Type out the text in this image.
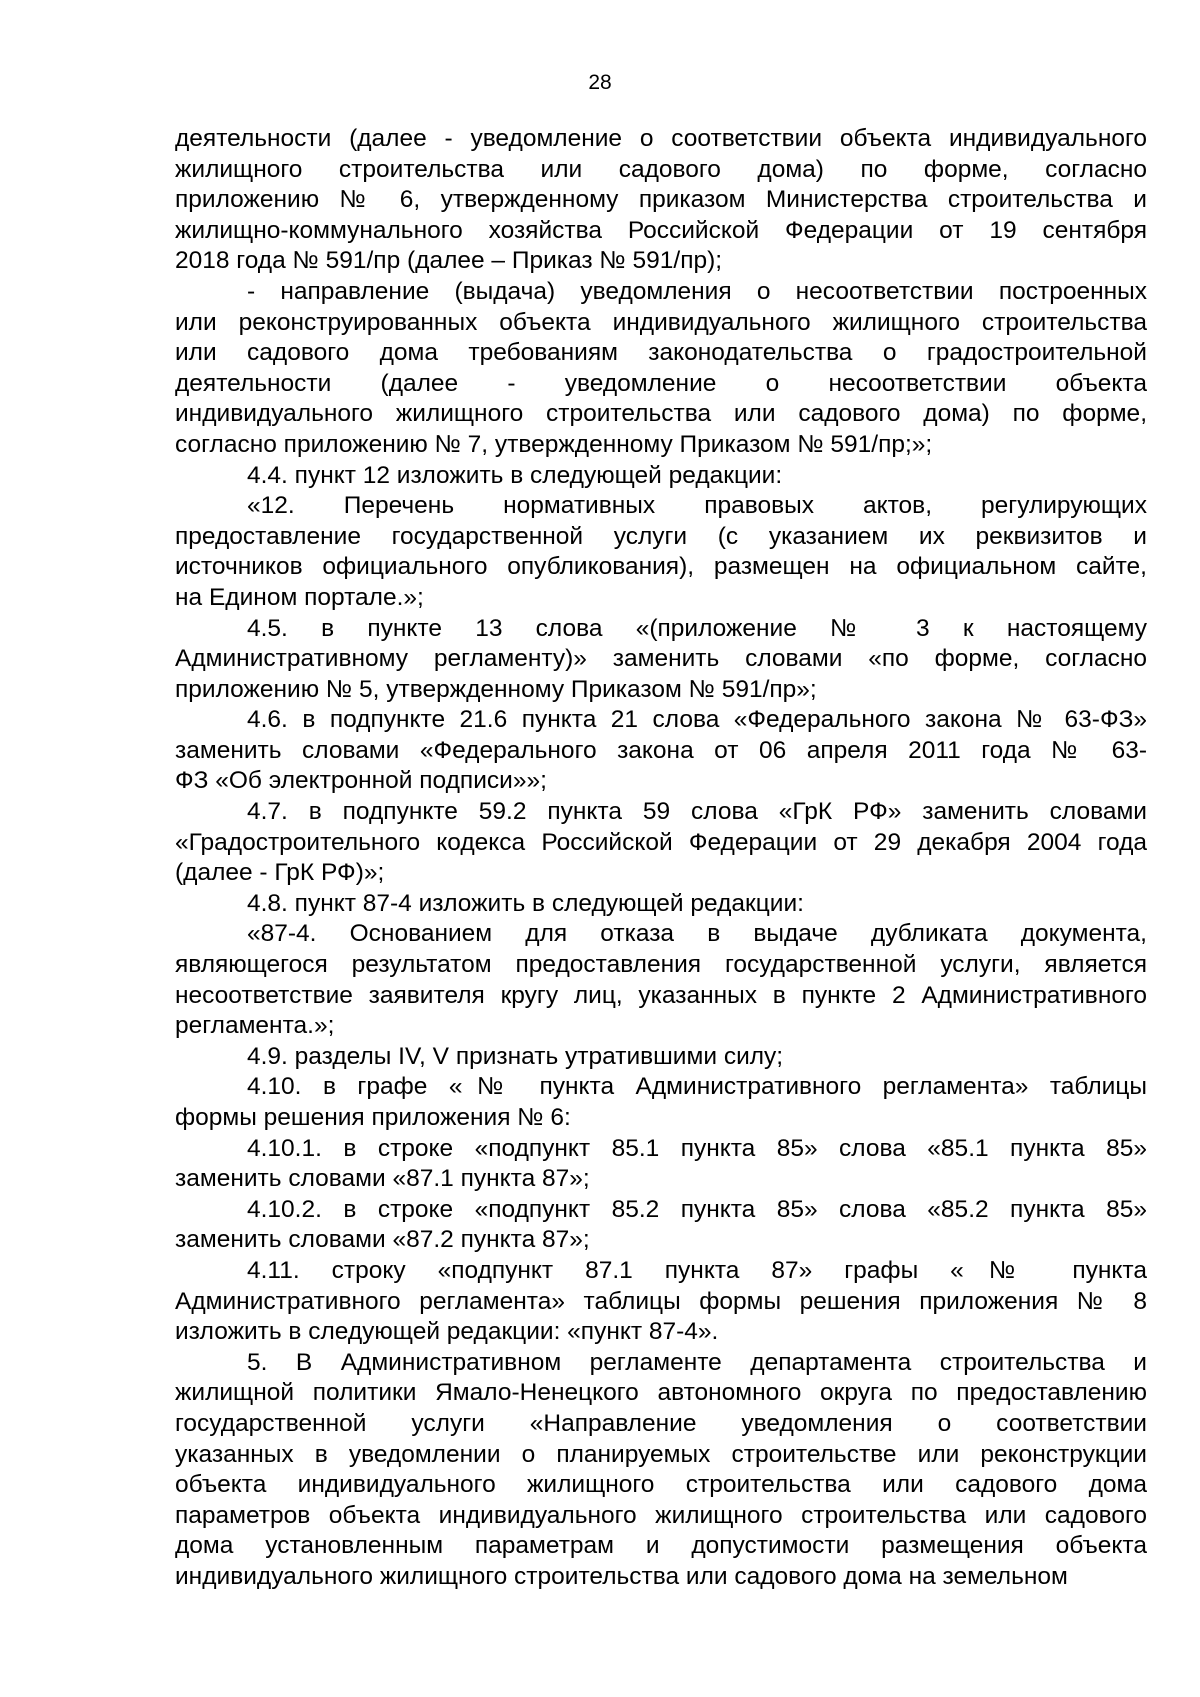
28
деятельности (далее - уведомление о соответствии объекта индивидуального
жилищного строительства или садового дома) по форме, согласно
приложению № 6, утвержденному приказом Министерства строительства и
жилищно-коммунального хозяйства Российской Федерации от 19 сентября
2018 года № 591/пр (далее – Приказ № 591/пр);
- направление (выдача) уведомления о несоответствии построенных
или реконструированных объекта индивидуального жилищного строительства
или садового дома требованиям законодательства о градостроительной
деятельности (далее - уведомление о несоответствии объекта
индивидуального жилищного строительства или садового дома) по форме,
согласно приложению № 7, утвержденному Приказом № 591/пр;»;
4.4. пункт 12 изложить в следующей редакции:
«12. Перечень нормативных правовых актов, регулирующих
предоставление государственной услуги (с указанием их реквизитов и
источников официального опубликования), размещен на официальном сайте,
на Едином портале.»;
4.5. в пункте 13 слова «(приложение № 3 к настоящему
Административному регламенту)» заменить словами «по форме, согласно
приложению № 5, утвержденному Приказом № 591/пр»;
4.6. в подпункте 21.6 пункта 21 слова «Федерального закона № 63-ФЗ»
заменить словами «Федерального закона от 06 апреля 2011 года № 63-
ФЗ «Об электронной подписи»»;
4.7. в подпункте 59.2 пункта 59 слова «ГрК РФ» заменить словами
«Градостроительного кодекса Российской Федерации от 29 декабря 2004 года
(далее - ГрК РФ)»;
4.8. пункт 87-4 изложить в следующей редакции:
«87-4. Основанием для отказа в выдаче дубликата документа,
являющегося результатом предоставления государственной услуги, является
несоответствие заявителя кругу лиц, указанных в пункте 2 Административного
регламента.»;
4.9. разделы IV, V признать утратившими силу;
4.10. в графе «№ пункта Административного регламента» таблицы
формы решения приложения № 6:
4.10.1. в строке «подпункт 85.1 пункта 85» слова «85.1 пункта 85»
заменить словами «87.1 пункта 87»;
4.10.2. в строке «подпункт 85.2 пункта 85» слова «85.2 пункта 85»
заменить словами «87.2 пункта 87»;
4.11. строку «подпункт 87.1 пункта 87» графы «№ пункта
Административного регламента» таблицы формы решения приложения № 8
изложить в следующей редакции: «пункт 87-4».
5. В Административном регламенте департамента строительства и
жилищной политики Ямало-Ненецкого автономного округа по предоставлению
государственной услуги «Направление уведомления о соответствии
указанных в уведомлении о планируемых строительстве или реконструкции
объекта индивидуального жилищного строительства или садового дома
параметров объекта индивидуального жилищного строительства или садового
дома установленным параметрам и допустимости размещения объекта
индивидуального жилищного строительства или садового дома на земельном
